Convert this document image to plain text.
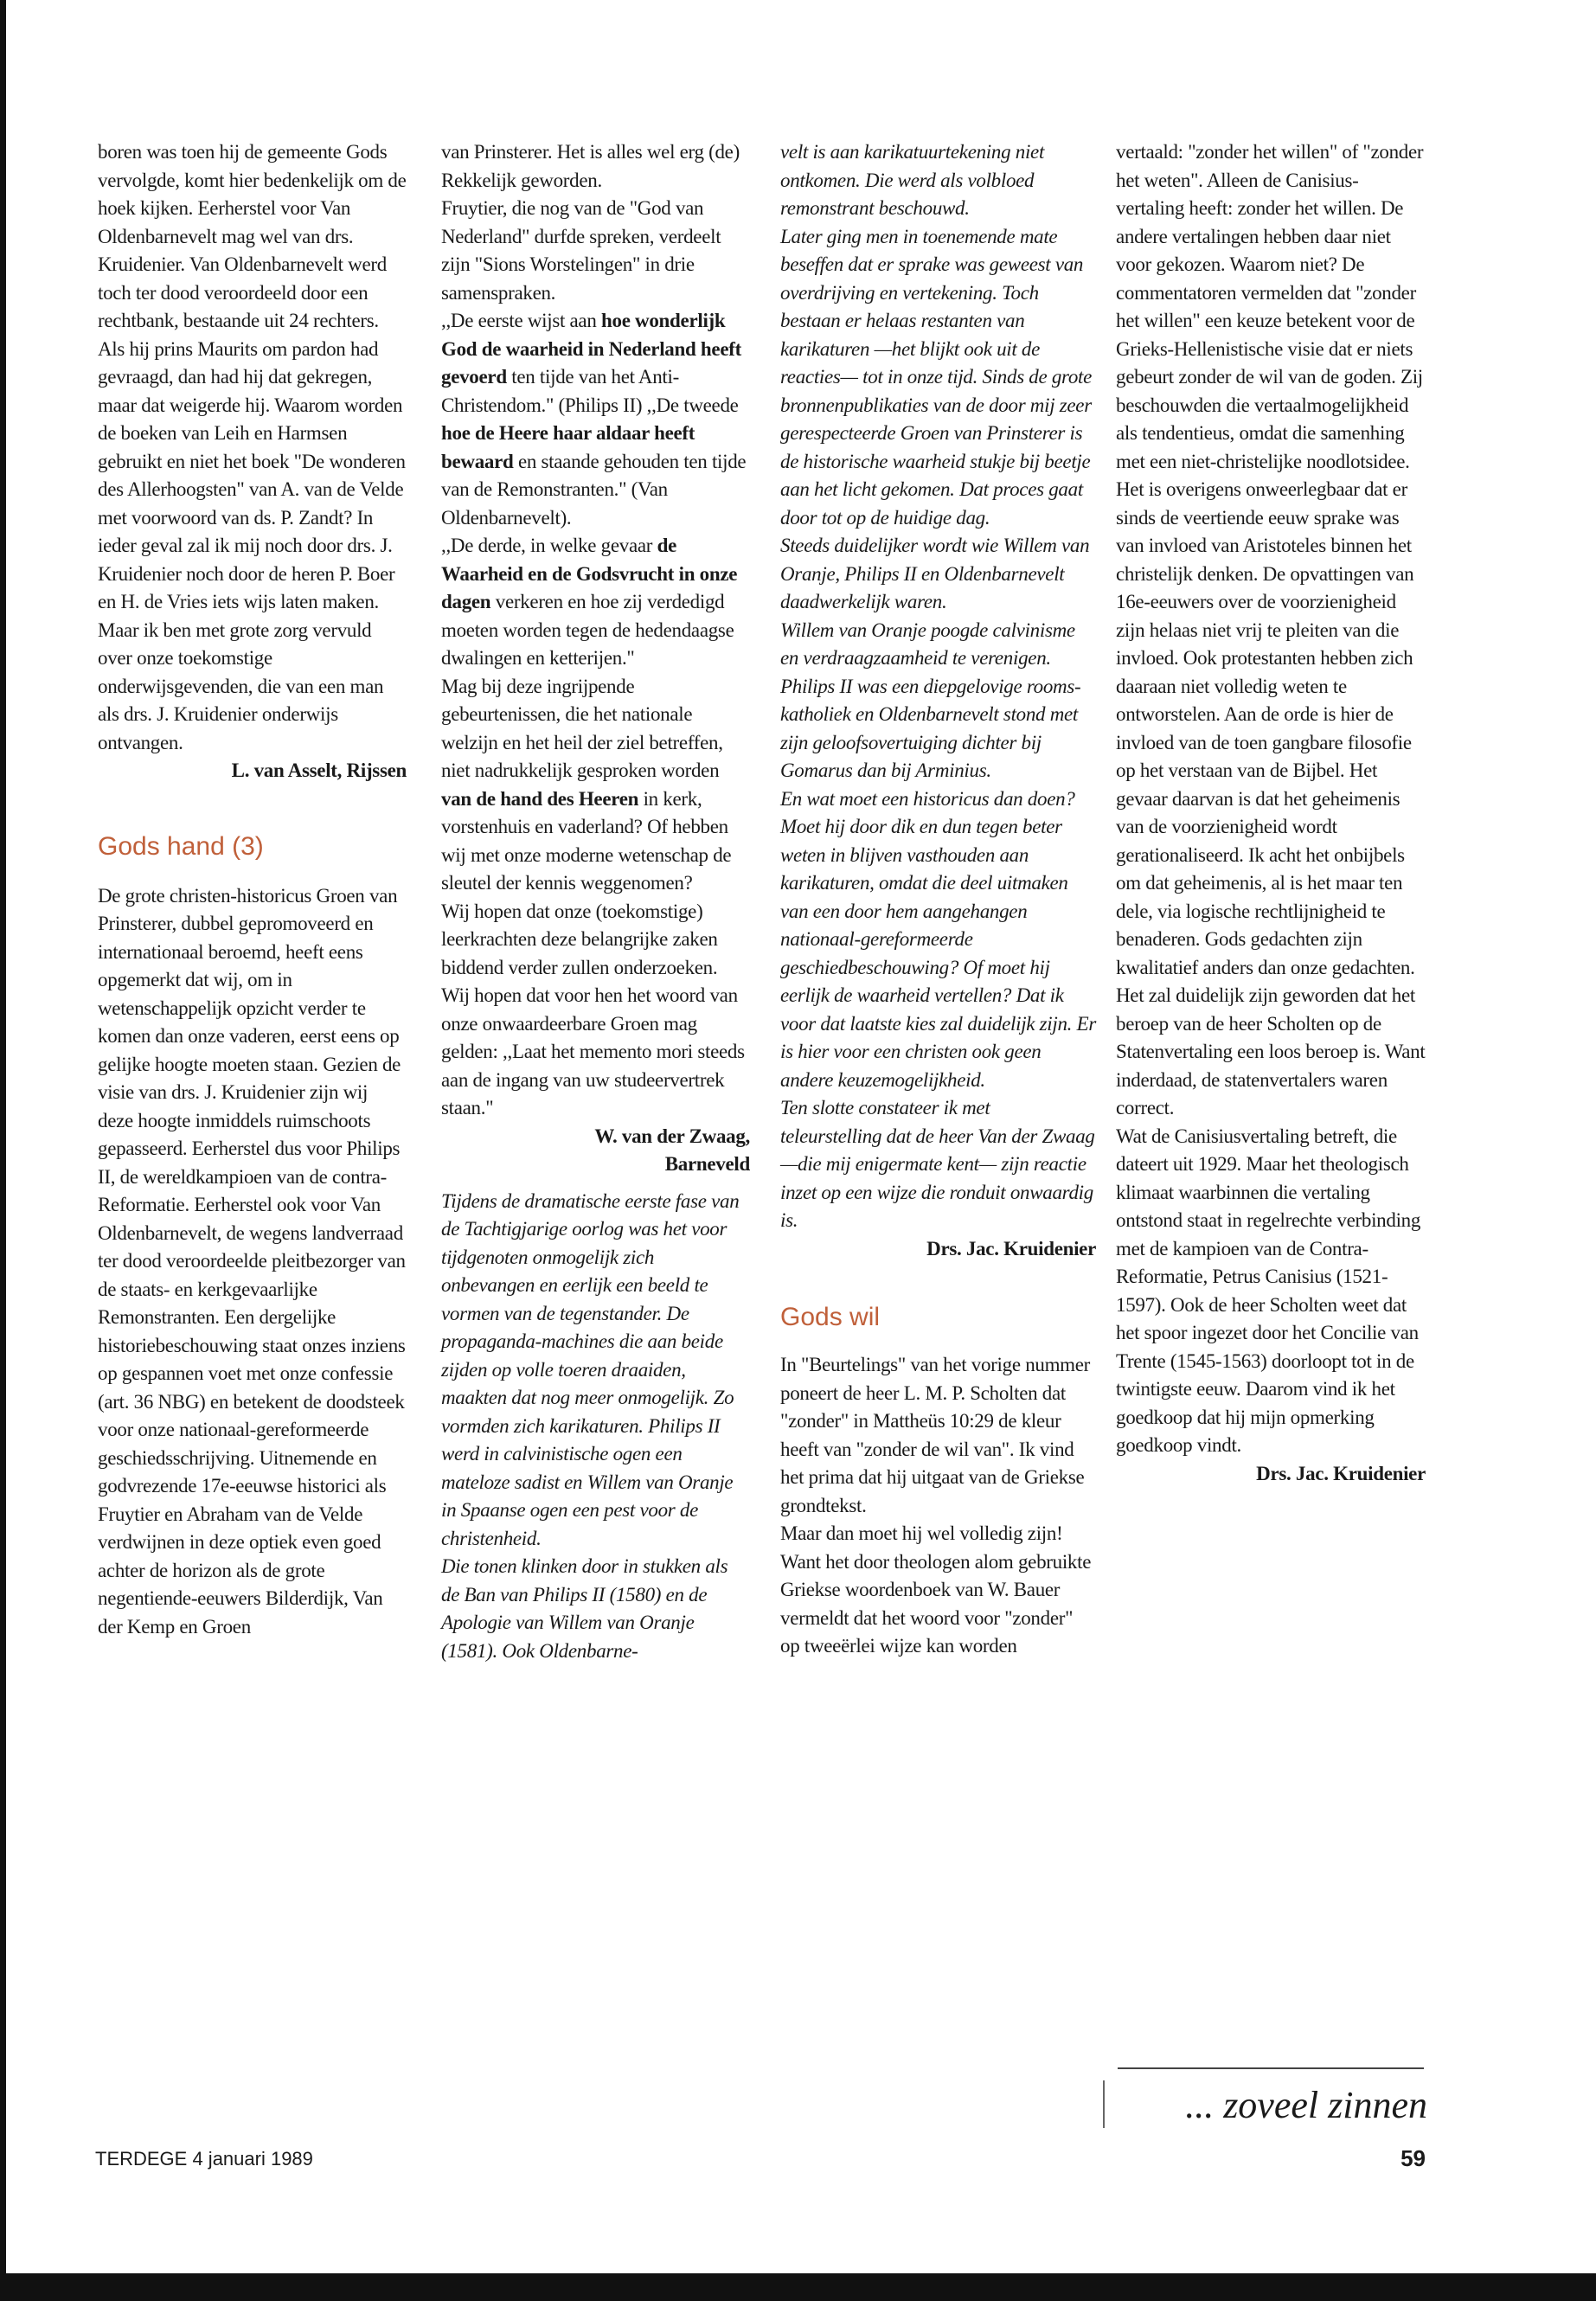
boren was toen hij de gemeente Gods vervolgde, komt hier bedenkelijk om de hoek kijken. Eerherstel voor Van Oldenbarnevelt mag wel van drs. Kruidenier. Van Oldenbarnevelt werd toch ter dood veroordeeld door een rechtbank, bestaande uit 24 rechters. Als hij prins Maurits om pardon had gevraagd, dan had hij dat gekregen, maar dat weigerde hij. Waarom worden de boeken van Leih en Harmsen gebruikt en niet het boek "De wonderen des Allerhoogsten" van A. van de Velde met voorwoord van ds. P. Zandt? In ieder geval zal ik mij noch door drs. J. Kruidenier noch door de heren P. Boer en H. de Vries iets wijs laten maken. Maar ik ben met grote zorg vervuld over onze toekomstige onderwijsgevenden, die van een man als drs. J. Kruidenier onderwijs ontvangen.

L. van Asselt, Rijssen

Gods hand (3)

De grote christen-historicus Groen van Prinsterer, dubbel gepromoveerd en internationaal beroemd, heeft eens opgemerkt dat wij, om in wetenschappelijk opzicht verder te komen dan onze vaderen, eerst eens op gelijke hoogte moeten staan. Gezien de visie van drs. J. Kruidenier zijn wij deze hoogte inmiddels ruimschoots gepasseerd. Eerherstel dus voor Philips II, de wereldkampioen van de contra-Reformatie. Eerherstel ook voor Van Oldenbarnevelt, de wegens landverraad ter dood veroordeelde pleitbezorger van de staats- en kerkgevaarlijke Remonstranten. Een dergelijke historiebeschouwing staat onzes inziens op gespannen voet met onze confessie (art. 36 NBG) en betekent de doodsteek voor onze nationaal-gereformeerde geschiedsschrijving. Uitnemende en godvrezende 17e-eeuwse historici als Fruytier en Abraham van de Velde verdwijnen in deze optiek even goed achter de horizon als de grote negentiende-eeuwers Bilderdijk, Van der Kemp en Groen

van Prinsterer. Het is alles wel erg (de) Rekkelijk geworden.

Fruytier, die nog van de "God van Nederland" durfde spreken, verdeelt zijn "Sions Worstelingen" in drie samenspraken.

,,De eerste wijst aan hoe wonderlijk God de waarheid in Nederland heeft gevoerd ten tijde van het Anti-Christendom." (Philips II) ,,De tweede hoe de Heere haar aldaar heeft bewaard en staande gehouden ten tijde van de Remonstranten." (Van Oldenbarnevelt).

,,De derde, in welke gevaar de Waarheid en de Godsvrucht in onze dagen verkeren en hoe zij verdedigd moeten worden tegen de hedendaagse dwalingen en ketterijen."

Mag bij deze ingrijpende gebeurtenissen, die het nationale welzijn en het heil der ziel betreffen, niet nadrukkelijk gesproken worden van de hand des Heeren in kerk, vorstenhuis en vaderland? Of hebben wij met onze moderne wetenschap de sleutel der kennis weggenomen?

Wij hopen dat onze (toekomstige) leerkrachten deze belangrijke zaken biddend verder zullen onderzoeken.

Wij hopen dat voor hen het woord van onze onwaardeerbare Groen mag gelden: ,,Laat het memento mori steeds aan de ingang van uw studeervertrek staan."

W. van der Zwaag,

Barneveld

Tijdens de dramatische eerste fase van de Tachtigjarige oorlog was het voor tijdgenoten onmogelijk zich onbevangen en eerlijk een beeld te vormen van de tegenstander. De propaganda-machines die aan beide zijden op volle toeren draaiden, maakten dat nog meer onmogelijk. Zo vormden zich karikaturen. Philips II werd in calvinistische ogen een mateloze sadist en Willem van Oranje in Spaanse ogen een pest voor de christenheid.

Die tonen klinken door in stukken als de Ban van Philips II (1580) en de Apologie van Willem van Oranje (1581). Ook Oldenbarne-

velt is aan karikatuurtekening niet ontkomen. Die werd als volbloed remonstrant beschouwd.

Later ging men in toenemende mate beseffen dat er sprake was geweest van overdrijving en vertekening. Toch bestaan er helaas restanten van karikaturen —het blijkt ook uit de reacties— tot in onze tijd. Sinds de grote bronnenpublikaties van de door mij zeer gerespecteerde Groen van Prinsterer is de historische waarheid stukje bij beetje aan het licht gekomen. Dat proces gaat door tot op de huidige dag.

Steeds duidelijker wordt wie Willem van Oranje, Philips II en Oldenbarnevelt daadwerkelijk waren.

Willem van Oranje poogde calvinisme en verdraagzaamheid te verenigen. Philips II was een diepgelovige rooms-katholiek en Oldenbarnevelt stond met zijn geloofsovertuiging dichter bij Gomarus dan bij Arminius.

En wat moet een historicus dan doen? Moet hij door dik en dun tegen beter weten in blijven vasthouden aan karikaturen, omdat die deel uitmaken van een door hem aangehangen nationaal-gereformeerde geschiedbeschouwing? Of moet hij eerlijk de waarheid vertellen? Dat ik voor dat laatste kies zal duidelijk zijn. Er is hier voor een christen ook geen andere keuzemogelijkheid.

Ten slotte constateer ik met teleurstelling dat de heer Van der Zwaag —die mij enigermate kent— zijn reactie inzet op een wijze die ronduit onwaardig is.

Drs. Jac. Kruidenier

Gods wil

In "Beurtelings" van het vorige nummer poneert de heer L. M. P. Scholten dat "zonder" in Mattheüs 10:29 de kleur heeft van "zonder de wil van". Ik vind het prima dat hij uitgaat van de Griekse grondtekst.

Maar dan moet hij wel volledig zijn! Want het door theologen alom gebruikte Griekse woordenboek van W. Bauer vermeldt dat het woord voor "zonder" op tweeërlei wijze kan worden

vertaald: "zonder het willen" of "zonder het weten". Alleen de Canisius-vertaling heeft: zonder het willen. De andere vertalingen hebben daar niet voor gekozen. Waarom niet? De commentatoren vermelden dat "zonder het willen" een keuze betekent voor de Grieks-Hellenistische visie dat er niets gebeurt zonder de wil van de goden. Zij beschouwden die vertaalmogelijkheid als tendentieus, omdat die samenhing met een niet-christelijke noodlotsidee. Het is overigens onweerlegbaar dat er sinds de veertiende eeuw sprake was van invloed van Aristoteles binnen het christelijk denken. De opvattingen van 16e-eeuwers over de voorzienigheid zijn helaas niet vrij te pleiten van die invloed. Ook protestanten hebben zich daaraan niet volledig weten te ontworstelen. Aan de orde is hier de invloed van de toen gangbare filosofie op het verstaan van de Bijbel. Het gevaar daarvan is dat het geheimenis van de voorzienigheid wordt gerationaliseerd. Ik acht het onbijbels om dat geheimenis, al is het maar ten dele, via logische rechtlijnigheid te benaderen. Gods gedachten zijn kwalitatief anders dan onze gedachten. Het zal duidelijk zijn geworden dat het beroep van de heer Scholten op de Statenvertaling een loos beroep is. Want inderdaad, de statenvertalers waren correct.

Wat de Canisiusvertaling betreft, die dateert uit 1929. Maar het theologisch klimaat waarbinnen die vertaling ontstond staat in regelrechte verbinding met de kampioen van de Contra-Reformatie, Petrus Canisius (1521-1597). Ook de heer Scholten weet dat het spoor ingezet door het Concilie van Trente (1545-1563) doorloopt tot in de twintigste eeuw. Daarom vind ik het goedkoop dat hij mijn opmerking goedkoop vindt.

Drs. Jac. Kruidenier

... zoveel zinnen
TERDEGE 4 januari 1989	59
